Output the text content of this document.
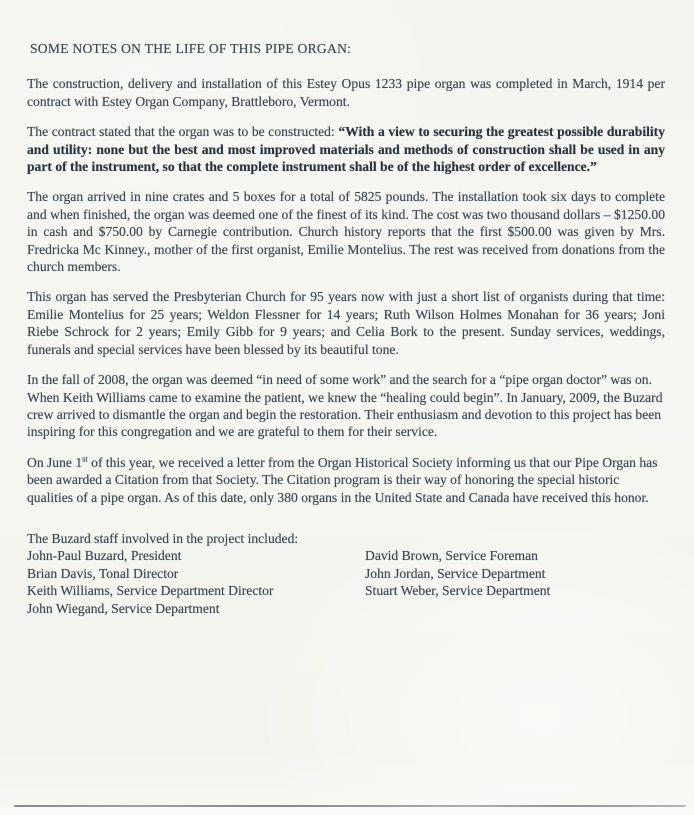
SOME NOTES ON THE LIFE OF THIS PIPE ORGAN:

The construction, delivery and installation of this Estey Opus 1233 pipe organ was completed in March, 1914 per contract with Estey Organ Company, Brattleboro, Vermont.

The contract stated that the organ was to be constructed: “With a view to securing the greatest possible durability and utility: none but the best and most improved materials and methods of construction shall be used in any part of the instrument, so that the complete instrument shall be of the highest order of excellence.”

The organ arrived in nine crates and 5 boxes for a total of 5825 pounds. The installation took six days to complete and when finished, the organ was deemed one of the finest of its kind. The cost was two thousand dollars – $1250.00 in cash and $750.00 by Carnegie contribution. Church history reports that the first $500.00 was given by Mrs. Fredricka Mc Kinney., mother of the first organist, Emilie Montelius. The rest was received from donations from the church members.

This organ has served the Presbyterian Church for 95 years now with just a short list of organists during that time: Emilie Montelius for 25 years; Weldon Flessner for 14 years; Ruth Wilson Holmes Monahan for 36 years; Joni Riebe Schrock for 2 years; Emily Gibb for 9 years; and Celia Bork to the present. Sunday services, weddings, funerals and special services have been blessed by its beautiful tone.

In the fall of 2008, the organ was deemed “in need of some work” and the search for a “pipe organ doctor” was on. When Keith Williams came to examine the patient, we knew the “healing could begin”. In January, 2009, the Buzard crew arrived to dismantle the organ and begin the restoration. Their enthusiasm and devotion to this project has been inspiring for this congregation and we are grateful to them for their service.

On June 1st of this year, we received a letter from the Organ Historical Society informing us that our Pipe Organ has been awarded a Citation from that Society. The Citation program is their way of honoring the special historic qualities of a pipe organ. As of this date, only 380 organs in the United State and Canada have received this honor.

The Buzard staff involved in the project included:

John-Paul Buzard, President	David Brown, Service Foreman
Brian Davis, Tonal Director	John Jordan, Service Department
Keith Williams, Service Department Director	Stuart Weber, Service Department
John Wiegand, Service Department
